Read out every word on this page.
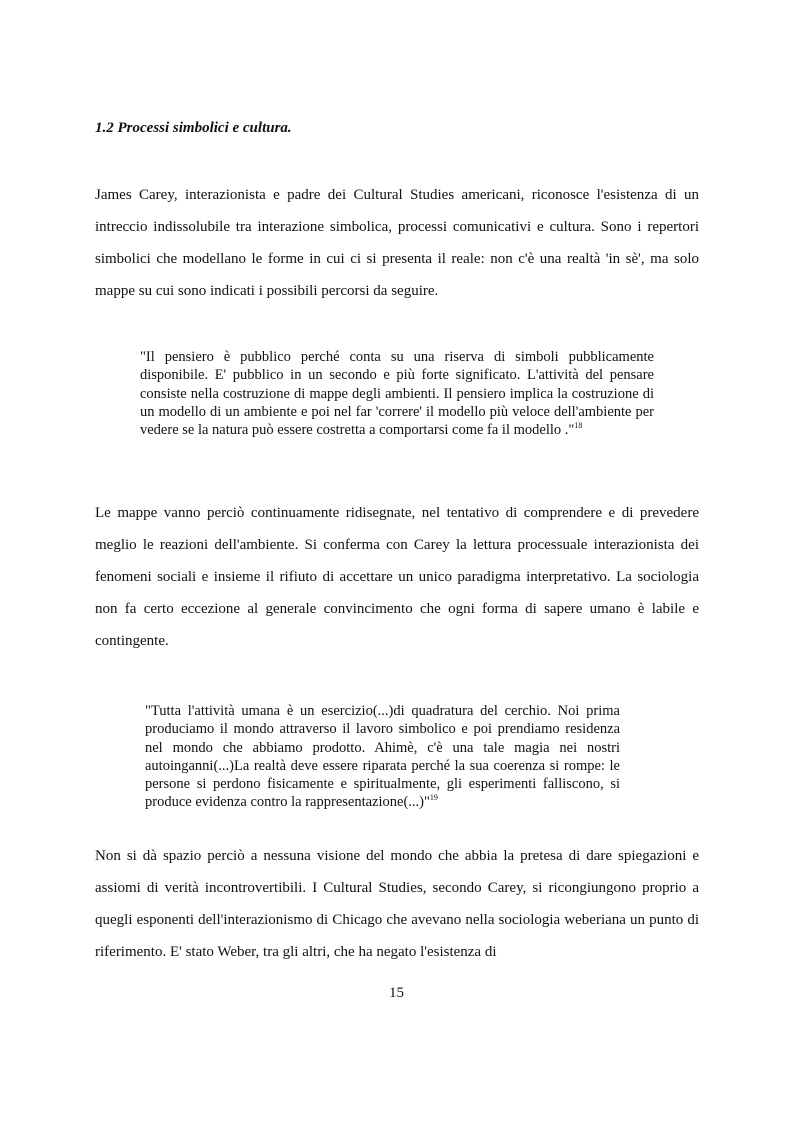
1.2 Processi simbolici e cultura.

James Carey, interazionista e padre dei Cultural Studies americani, riconosce l'esistenza di un intreccio indissolubile tra interazione simbolica, processi comunicativi e cultura. Sono i repertori simbolici che modellano le forme in cui ci si presenta il reale: non c'è una realtà 'in sè', ma solo mappe su cui sono indicati i possibili percorsi da seguire.

"Il pensiero è pubblico perché conta su una riserva di simboli pubblicamente disponibile. E' pubblico in un secondo e più forte significato. L'attività del pensare consiste nella costruzione di mappe degli ambienti. Il pensiero implica la costruzione di un modello di un ambiente e poi nel far 'correre' il modello più veloce dell'ambiente per vedere se la natura può essere costretta a comportarsi come fa il modello ."$^{18}$

Le mappe vanno perciò continuamente ridisegnate, nel tentativo di comprendere e di prevedere meglio le reazioni dell'ambiente. Si conferma con Carey la lettura processuale interazionista dei fenomeni sociali e insieme il rifiuto di accettare un unico paradigma interpretativo. La sociologia non fa certo eccezione al generale convincimento che ogni forma di sapere umano è labile e contingente.

"Tutta l'attività umana è un esercizio(...)di quadratura del cerchio. Noi prima produciamo il mondo attraverso il lavoro simbolico e poi prendiamo residenza nel mondo che abbiamo prodotto. Ahimè, c'è una tale magia nei nostri autoinganni(...)La realtà deve essere riparata perché la sua coerenza si rompe: le persone si perdono fisicamente e spiritualmente, gli esperimenti falliscono, si produce evidenza contro la rappresentazione(...)"$^{19}$

Non si dà spazio perciò a nessuna visione del mondo che abbia la pretesa di dare spiegazioni e assiomi di verità incontrovertibili. I Cultural Studies, secondo Carey, si ricongiungono proprio a quegli esponenti dell'interazionismo di Chicago che avevano nella sociologia weberiana un punto di riferimento. E' stato Weber, tra gli altri, che ha negato l'esistenza di

15
